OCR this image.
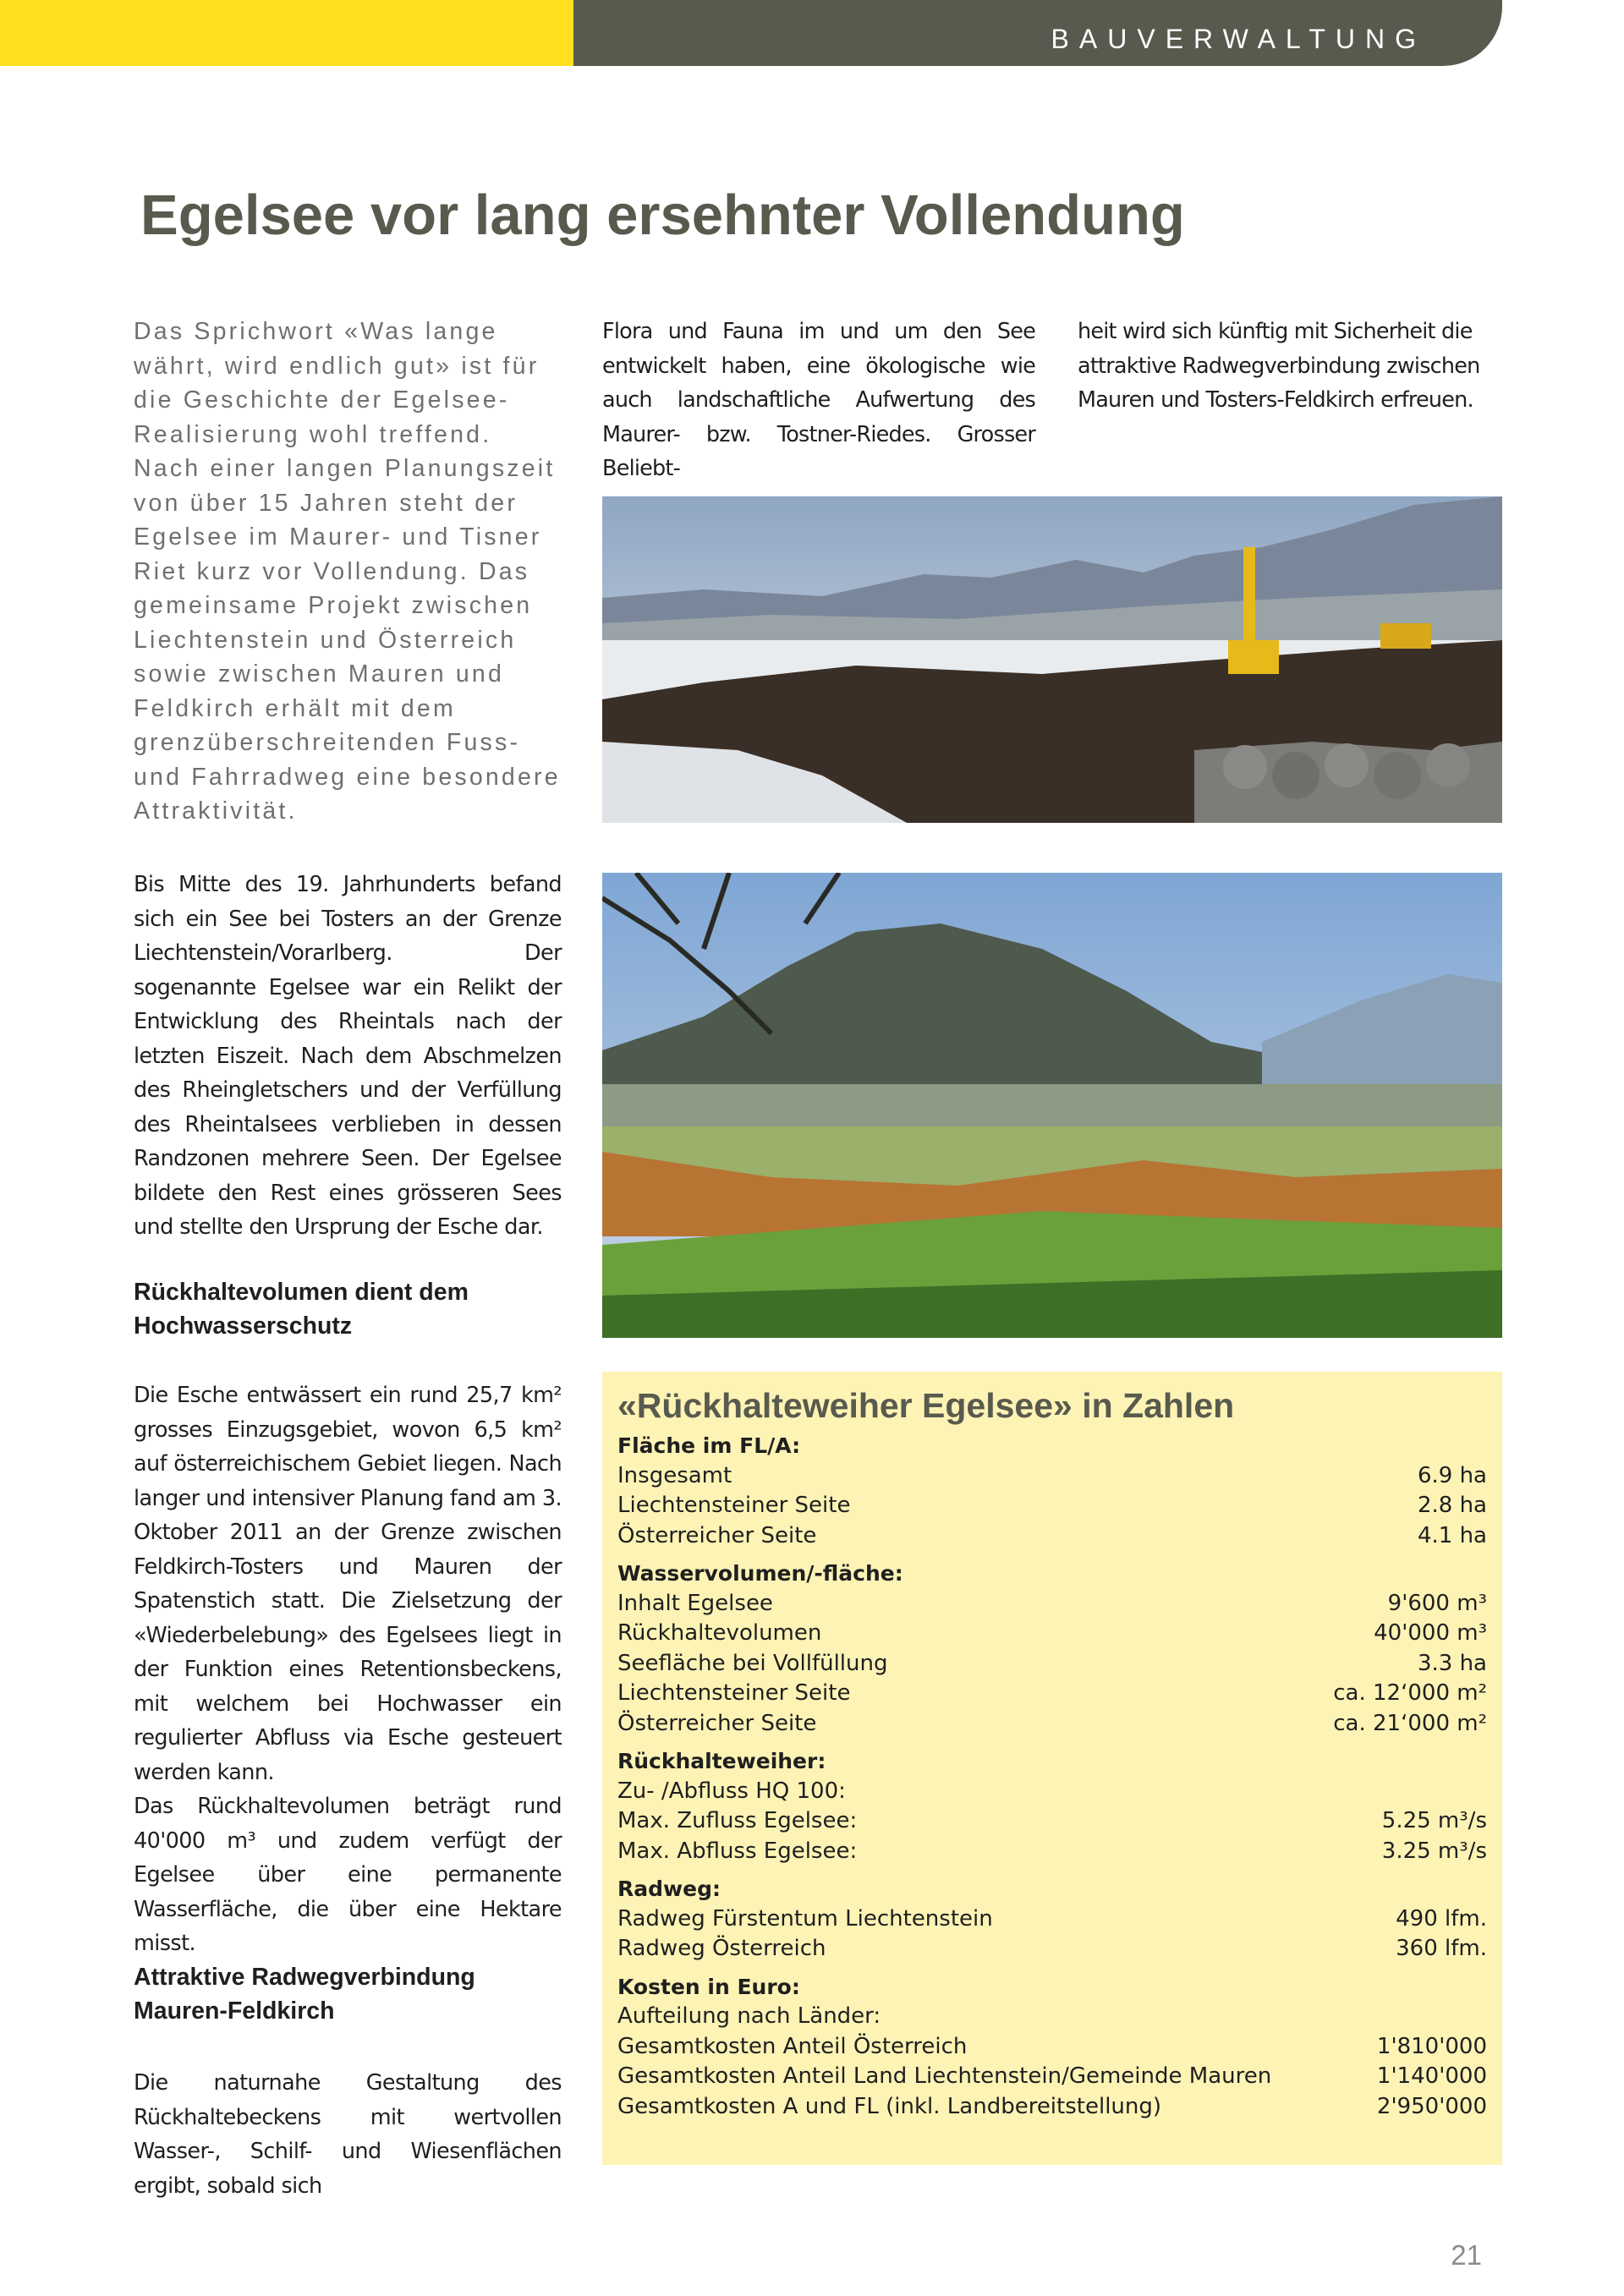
BAUVERWALTUNG
Egelsee vor lang ersehnter Vollendung

Das Sprichwort «Was lange währt, wird endlich gut» ist für die Geschichte der Egelsee-Realisierung wohl treffend. Nach einer langen Planungszeit von über 15 Jahren steht der Egelsee im Maurer- und Tisner Riet kurz vor Vollendung. Das gemeinsame Projekt zwischen Liechtenstein und Österreich sowie zwischen Mauren und Feldkirch erhält mit dem grenzüberschreitenden Fuss- und Fahrradweg eine besondere Attraktivität.

Bis Mitte des 19. Jahrhunderts befand sich ein See bei Tosters an der Grenze Liechtenstein/Vorarlberg. Der sogenannte Egelsee war ein Relikt der Entwicklung des Rheintals nach der letzten Eiszeit. Nach dem Abschmelzen des Rheingletschers und der Verfüllung des Rheintalsees verblieben in dessen Randzonen mehrere Seen. Der Egelsee bildete den Rest eines grösseren Sees und stellte den Ursprung der Esche dar.

Rückhaltevolumen dient dem Hochwasserschutz

Die Esche entwässert ein rund 25,7 km² grosses Einzugsgebiet, wovon 6,5 km² auf österreichischem Gebiet liegen. Nach langer und intensiver Planung fand am 3. Oktober 2011 an der Grenze zwischen Feldkirch-Tosters und Mauren der Spatenstich statt. Die Zielsetzung der «Wiederbelebung» des Egelsees liegt in der Funktion eines Retentionsbeckens, mit welchem bei Hochwasser ein regulierter Abfluss via Esche gesteuert werden kann.

Das Rückhaltevolumen beträgt rund 40'000 m³ und zudem verfügt der Egelsee über eine permanente Wasserfläche, die über eine Hektare misst.

Attraktive Radwegverbindung Mauren-Feldkirch

Die naturnahe Gestaltung des Rückhaltebeckens mit wertvollen Wasser-, Schilf- und Wiesenflächen ergibt, sobald sich

Flora und Fauna im und um den See entwickelt haben, eine ökologische wie auch landschaftliche Aufwertung des Maurer- bzw. Tostner-Riedes. Grosser Beliebt-

heit wird sich künftig mit Sicherheit die attraktive Radwegverbindung zwischen Mauren und Tosters-Feldkirch erfreuen.

«Rückhalteweiher Egelsee» in Zahlen
Fläche im FL/A:
Insgesamt	6.9 ha
Liechtensteiner Seite	2.8 ha
Österreicher Seite	4.1 ha
Wasservolumen/-fläche:
Inhalt Egelsee	9'600 m³
Rückhaltevolumen	40'000 m³
Seefläche bei Vollfüllung	3.3 ha
Liechtensteiner Seite	ca. 12‘000 m²
Österreicher Seite	ca. 21‘000 m²
Rückhalteweiher:
Zu- /Abfluss HQ 100:
Max. Zufluss Egelsee:	5.25 m³/s
Max. Abfluss Egelsee:	3.25 m³/s
Radweg:
Radweg Fürstentum Liechtenstein	490 lfm.
Radweg Österreich	360 lfm.
Kosten in Euro:
Aufteilung nach Länder:
Gesamtkosten Anteil Österreich	1'810'000
Gesamtkosten Anteil Land Liechtenstein/Gemeinde Mauren	1'140'000
Gesamtkosten A und FL (inkl. Landbereitstellung)	2'950'000
21
